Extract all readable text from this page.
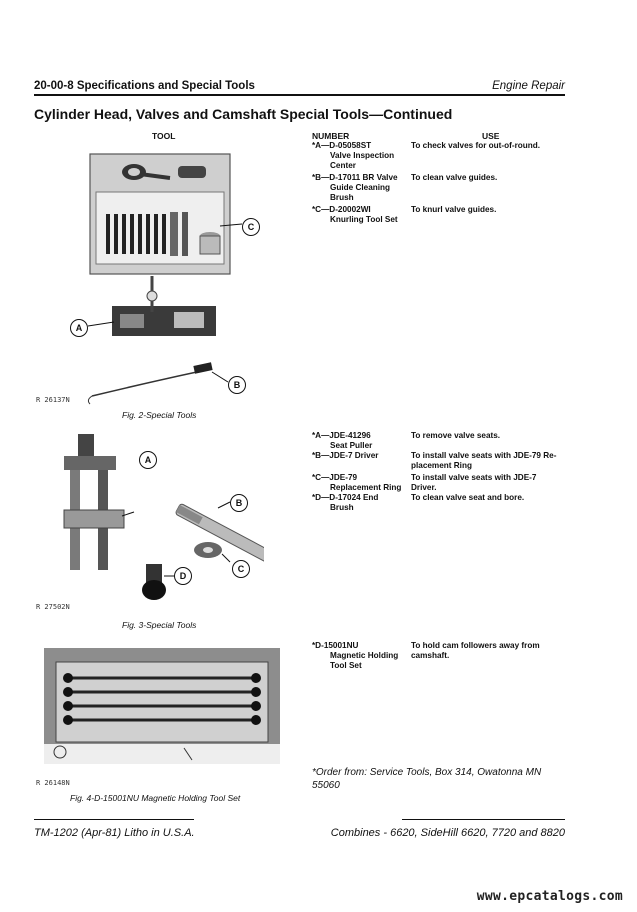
20-00-8 Specifications and Special Tools	Engine Repair
Cylinder Head, Valves and Camshaft Special Tools—Continued
TOOL	NUMBER	USE
C
A
B
R 26137N
Fig. 2-Special Tools
*A—D-05058ST
Valve Inspection
Center
To check valves for out-of-round.
*B—D-17011 BR Valve
Guide Cleaning
Brush
To clean valve guides.
*C—D-20002WI
Knurling Tool Set
To knurl valve guides.
A
B
C
D
R 27502N
Fig. 3-Special Tools
*A—JDE-41296
Seat Puller
To remove valve seats.
*B—JDE-7 Driver	To install valve seats with JDE-79 Re-
placement Ring
*C—JDE-79
Replacement Ring
To install valve seats with JDE-7
Driver.
*D—D-17024 End
Brush
To clean valve seat and bore.
R 26148N
Fig. 4-D-15001NU Magnetic Holding Tool Set
*D-15001NU
Magnetic Holding
Tool Set
To hold cam followers away from
camshaft.
*Order from: Service Tools, Box 314, Owatonna MN
55060
TM-1202 (Apr-81) Litho in U.S.A.	Combines - 6620, SideHill 6620, 7720 and 8820
www.epcatalogs.com
